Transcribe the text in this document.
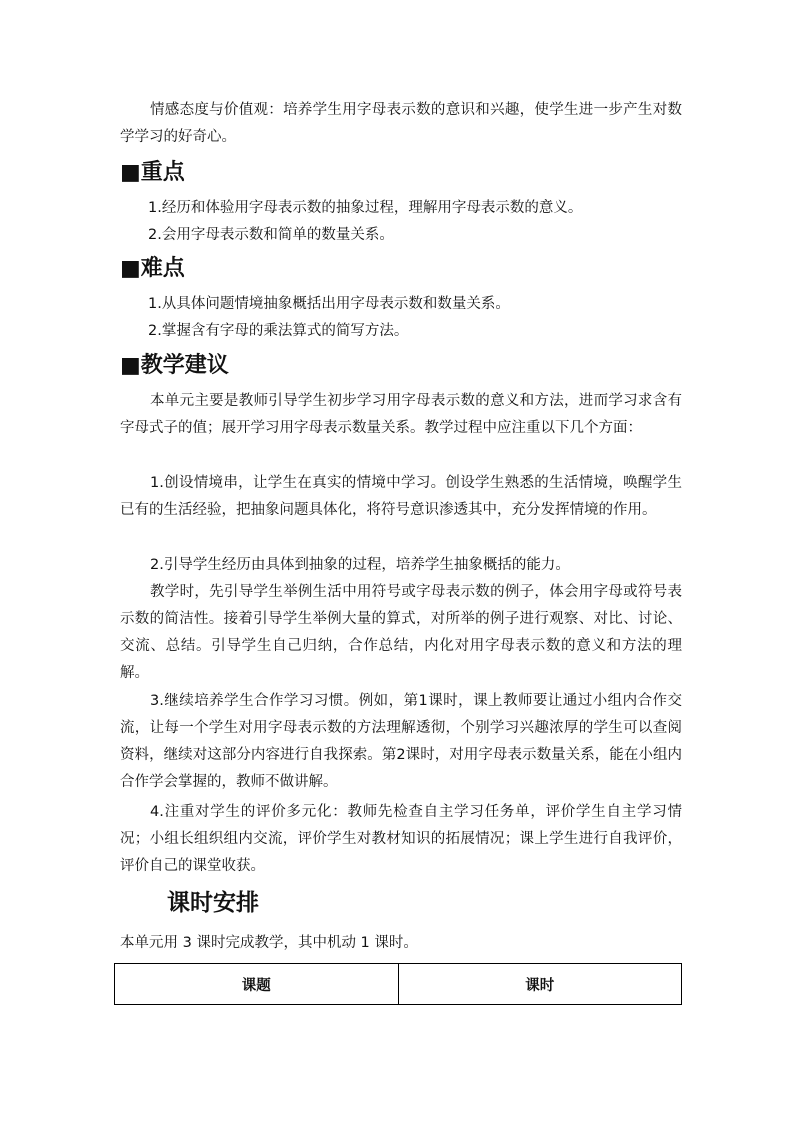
情感态度与价值观：培养学生用字母表示数的意识和兴趣，使学生进一步产生对数学学习的好奇心。

■重点

1.经历和体验用字母表示数的抽象过程，理解用字母表示数的意义。

2.会用字母表示数和简单的数量关系。

■难点

1.从具体问题情境抽象概括出用字母表示数和数量关系。

2.掌握含有字母的乘法算式的简写方法。

■教学建议

本单元主要是教师引导学生初步学习用字母表示数的意义和方法，进而学习求含有字母式子的值；展开学习用字母表示数量关系。教学过程中应注重以下几个方面：

1.创设情境串，让学生在真实的情境中学习。创设学生熟悉的生活情境，唤醒学生已有的生活经验，把抽象问题具体化，将符号意识渗透其中，充分发挥情境的作用。

2.引导学生经历由具体到抽象的过程，培养学生抽象概括的能力。

教学时，先引导学生举例生活中用符号或字母表示数的例子，体会用字母或符号表示数的简洁性。接着引导学生举例大量的算式，对所举的例子进行观察、对比、讨论、交流、总结。引导学生自己归纳，合作总结，内化对用字母表示数的意义和方法的理解。

3.继续培养学生合作学习习惯。例如，第1课时，课上教师要让通过小组内合作交流，让每一个学生对用字母表示数的方法理解透彻，个别学习兴趣浓厚的学生可以查阅资料，继续对这部分内容进行自我探索。第2课时，对用字母表示数量关系，能在小组内合作学会掌握的，教师不做讲解。

4.注重对学生的评价多元化：教师先检查自主学习任务单，评价学生自主学习情况；小组长组织组内交流，评价学生对教材知识的拓展情况；课上学生进行自我评价，评价自己的课堂收获。

课时安排

本单元用 3 课时完成教学，其中机动 1 课时。

课题	课时
